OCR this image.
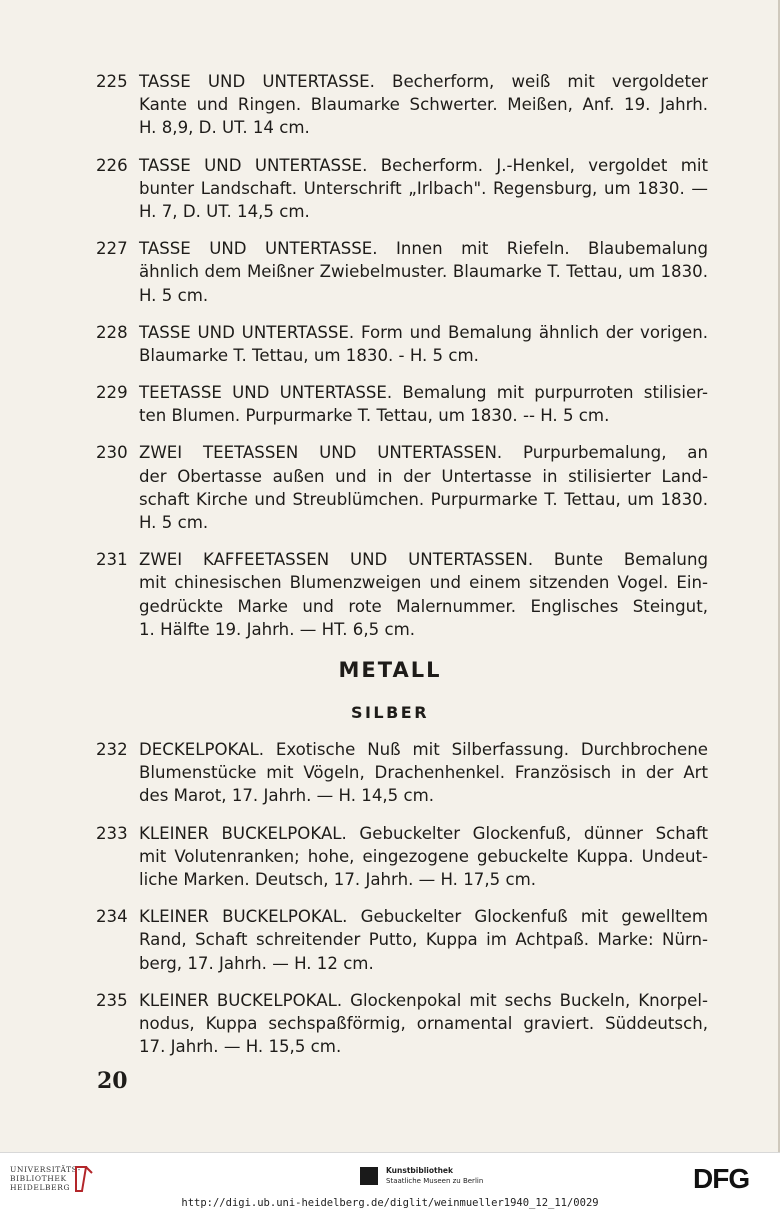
225 TASSE UND UNTERTASSE. Becherform, weiß mit vergoldeter
Kante und Ringen. Blaumarke Schwerter. Meißen, Anf. 19. Jahrh.
H. 8,9, D. UT. 14 cm.
226 TASSE UND UNTERTASSE. Becherform. J.-Henkel, vergoldet mit
bunter Landschaft. Unterschrift „Irlbach". Regensburg, um 1830. —
H. 7, D. UT. 14,5 cm.
227 TASSE UND UNTERTASSE. Innen mit Riefeln. Blaubemalung
ähnlich dem Meißner Zwiebelmuster. Blaumarke T. Tettau, um 1830.
H. 5 cm.
228 TASSE UND UNTERTASSE. Form und Bemalung ähnlich der vorigen.
Blaumarke T. Tettau, um 1830. - H. 5 cm.
229 TEETASSE UND UNTERTASSE. Bemalung mit purpurroten stilisier-
ten Blumen. Purpurmarke T. Tettau, um 1830. -- H. 5 cm.
230 ZWEI TEETASSEN UND UNTERTASSEN. Purpurbemalung, an
der Obertasse außen und in der Untertasse in stilisierter Land-
schaft Kirche und Streublümchen. Purpurmarke T. Tettau, um 1830.
H. 5 cm.
231 ZWEI KAFFEETASSEN UND UNTERTASSEN. Bunte Bemalung
mit chinesischen Blumenzweigen und einem sitzenden Vogel. Ein-
gedrückte Marke und rote Malernummer. Englisches Steingut,
1. Hälfte 19. Jahrh. — HT. 6,5 cm.
METALL
SILBER
232 DECKELPOKAL. Exotische Nuß mit Silberfassung. Durchbrochene
Blumenstücke mit Vögeln, Drachenhenkel. Französisch in der Art
des Marot, 17. Jahrh. — H. 14,5 cm.
233 KLEINER BUCKELPOKAL. Gebuckelter Glockenfuß, dünner Schaft
mit Volutenranken; hohe, eingezogene gebuckelte Kuppa. Undeut-
liche Marken. Deutsch, 17. Jahrh. — H. 17,5 cm.
234 KLEINER BUCKELPOKAL. Gebuckelter Glockenfuß mit gewelltem
Rand, Schaft schreitender Putto, Kuppa im Achtpaß. Marke: Nürn-
berg, 17. Jahrh. — H. 12 cm.
235 KLEINER BUCKELPOKAL. Glockenpokal mit sechs Buckeln, Knorpel-
nodus, Kuppa sechspaßförmig, ornamental graviert. Süddeutsch,
17. Jahrh. — H. 15,5 cm.
20
UNIVERSITÄTS-
BIBLIOTHEK
HEIDELBERG
Kunstbibliothek
Staatliche Museen zu Berlin	DFG
http://digi.ub.uni-heidelberg.de/diglit/weinmueller1940_12_11/0029
